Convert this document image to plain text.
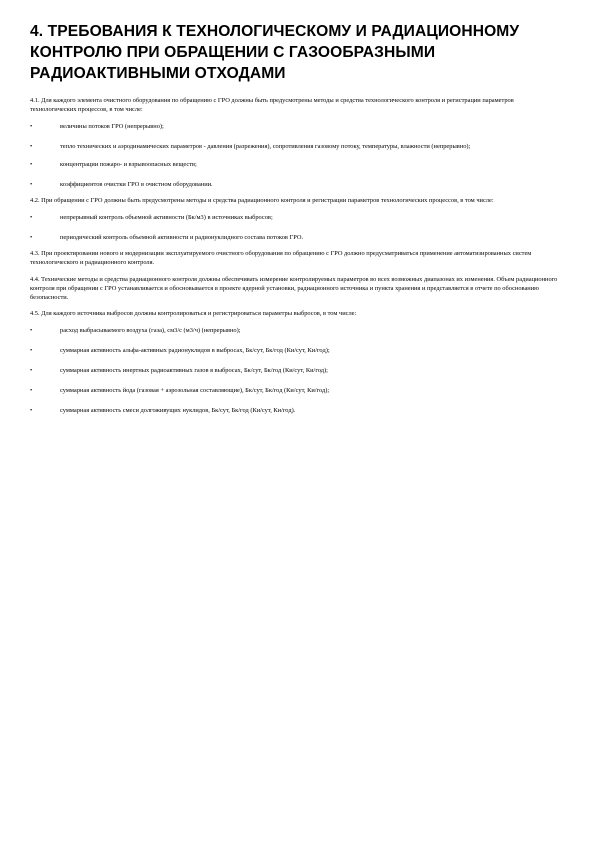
4. ТРЕБОВАНИЯ К ТЕХНОЛОГИЧЕСКОМУ И РАДИАЦИОННОМУ КОНТРОЛЮ ПРИ ОБРАЩЕНИИ С ГАЗООБРАЗНЫМИ РАДИОАКТИВНЫМИ ОТХОДАМИ

4.1. Для каждого элемента очистного оборудования по обращению с ГРО должны быть предусмотрены методы и средства технологического контроля и регистрации параметров технологических процессов, в том числе:

•	величины потоков ГРО (непрерывно);
•	тепло технических и аэродинамических параметров - давления (разрежения), сопротивления газовому потоку, температуры, влажности (непрерывно);
•	концентрации пожаро- и взрывоопасных веществ;
•	коэффициентов очистки ГРО в очистном оборудовании.

4.2. При обращении с ГРО должны быть предусмотрены методы и средства радиационного контроля и регистрации параметров технологических процессов, в том числе:

•	непрерывный контроль объемной активности (Бк/м3) в источниках выбросов;
•	периодический контроль объемной активности и радионуклидного состава потоков ГРО.

4.3. При проектировании нового и модернизации эксплуатируемого очистного оборудования по обращению с ГРО должно предусматриваться применение автоматизированных систем технологического и радиационного контроля.

4.4. Технические методы и средства радиационного контроля должны обеспечивать измерение контролируемых параметров во всех возможных диапазонах их изменения. Объем радиационного контроля при обращении с ГРО устанавливается и обосновывается в проекте ядерной установки, радиационного источника и пункта хранения и представляется в отчете по обоснованию безопасности.

4.5. Для каждого источника выбросов должны контролироваться и регистрироваться параметры выбросов, в том числе:

•	расход выбрасываемого воздуха (газа), см3/с (м3/ч) (непрерывно);
•	суммарная активность альфа-активных радионуклидов в выбросах, Бк/сут, Бк/год (Ки/сут, Ки/год);
•	суммарная активность инертных радиоактивных газов в выбросах, Бк/сут, Бк/год (Ки/сут, Ки/год);
•	суммарная активность йода (газовая + аэрозольная составляющие), Бк/сут, Бк/год (Ки/сут, Ки/год);
•	суммарная активность смеси долгоживущих нуклидов, Бк/сут, Бк/год (Ки/сут, Ки/год).
